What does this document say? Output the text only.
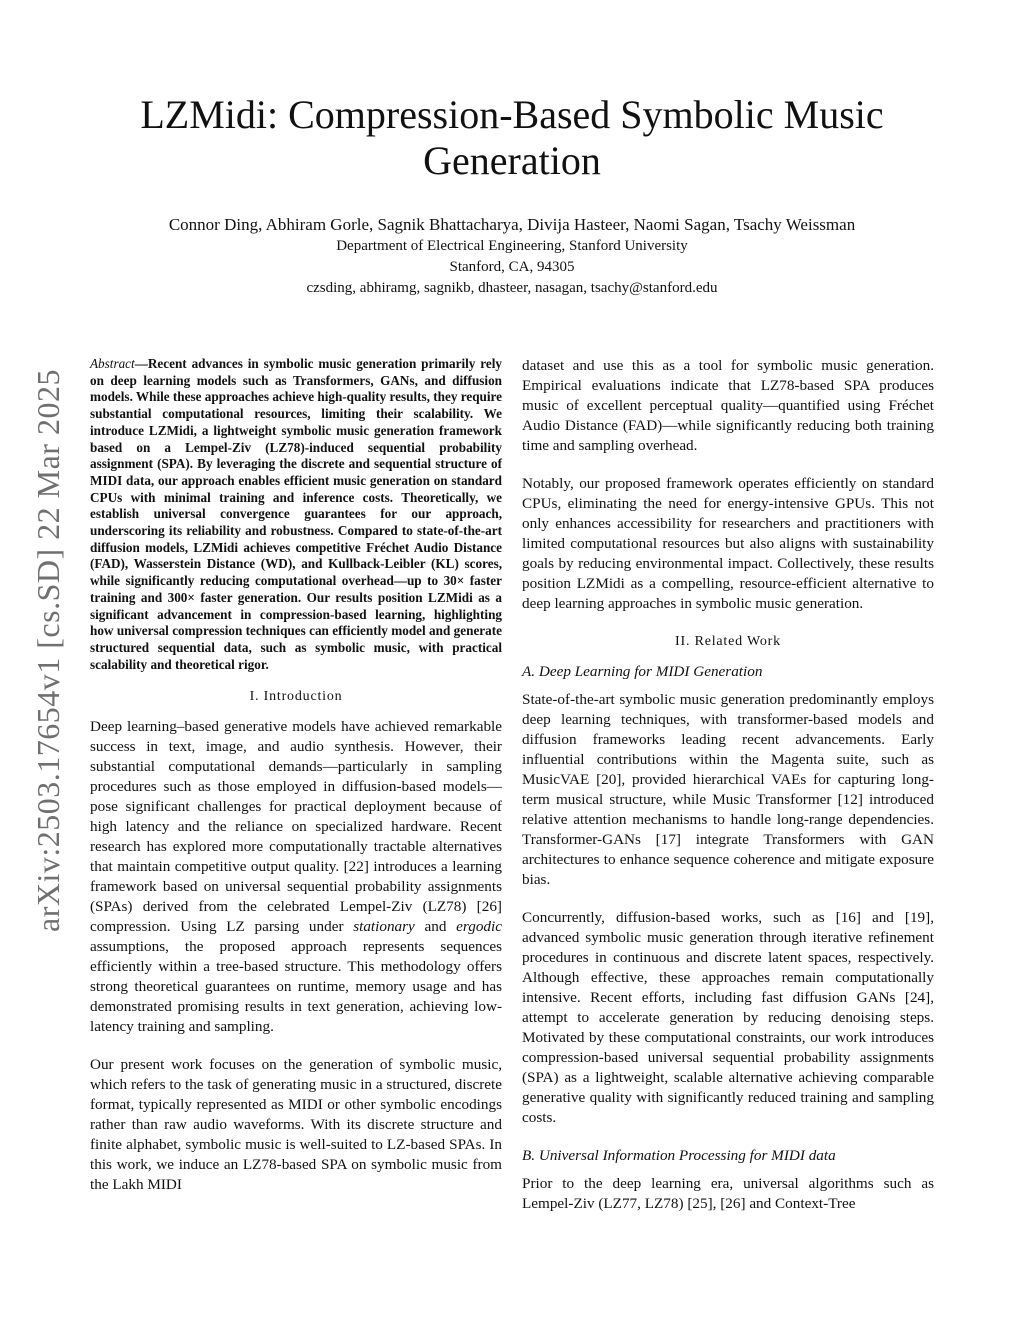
arXiv:2503.17654v1 [cs.SD] 22 Mar 2025
LZMidi: Compression-Based Symbolic Music Generation
Connor Ding, Abhiram Gorle, Sagnik Bhattacharya, Divija Hasteer, Naomi Sagan, Tsachy Weissman
Department of Electrical Engineering, Stanford University
Stanford, CA, 94305
czsding, abhiramg, sagnikb, dhasteer, nasagan, tsachy@stanford.edu

Abstract—Recent advances in symbolic music generation primarily rely on deep learning models such as Transformers, GANs, and diffusion models. While these approaches achieve high-quality results, they require substantial computational resources, limiting their scalability. We introduce LZMidi, a lightweight symbolic music generation framework based on a Lempel-Ziv (LZ78)-induced sequential probability assignment (SPA). By leveraging the discrete and sequential structure of MIDI data, our approach enables efficient music generation on standard CPUs with minimal training and inference costs. Theoretically, we establish universal convergence guarantees for our approach, underscoring its reliability and robustness. Compared to state-of-the-art diffusion models, LZMidi achieves competitive Fréchet Audio Distance (FAD), Wasserstein Distance (WD), and Kullback-Leibler (KL) scores, while significantly reducing computational overhead—up to 30× faster training and 300× faster generation. Our results position LZMidi as a significant advancement in compression-based learning, highlighting how universal compression techniques can efficiently model and generate structured sequential data, such as symbolic music, with practical scalability and theoretical rigor.

I. Introduction

Deep learning–based generative models have achieved remarkable success in text, image, and audio synthesis. However, their substantial computational demands—particularly in sampling procedures such as those employed in diffusion-based models—pose significant challenges for practical deployment because of high latency and the reliance on specialized hardware. Recent research has explored more computationally tractable alternatives that maintain competitive output quality. [22] introduces a learning framework based on universal sequential probability assignments (SPAs) derived from the celebrated Lempel-Ziv (LZ78) [26] compression. Using LZ parsing under stationary and ergodic assumptions, the proposed approach represents sequences efficiently within a tree-based structure. This methodology offers strong theoretical guarantees on runtime, memory usage and has demonstrated promising results in text generation, achieving low-latency training and sampling.

Our present work focuses on the generation of symbolic music, which refers to the task of generating music in a structured, discrete format, typically represented as MIDI or other symbolic encodings rather than raw audio waveforms. With its discrete structure and finite alphabet, symbolic music is well-suited to LZ-based SPAs. In this work, we induce an LZ78-based SPA on symbolic music from the Lakh MIDI

dataset and use this as a tool for symbolic music generation. Empirical evaluations indicate that LZ78-based SPA produces music of excellent perceptual quality—quantified using Fréchet Audio Distance (FAD)—while significantly reducing both training time and sampling overhead.

Notably, our proposed framework operates efficiently on standard CPUs, eliminating the need for energy-intensive GPUs. This not only enhances accessibility for researchers and practitioners with limited computational resources but also aligns with sustainability goals by reducing environmental impact. Collectively, these results position LZMidi as a compelling, resource-efficient alternative to deep learning approaches in symbolic music generation.

II. Related Work
A. Deep Learning for MIDI Generation

State-of-the-art symbolic music generation predominantly employs deep learning techniques, with transformer-based models and diffusion frameworks leading recent advancements. Early influential contributions within the Magenta suite, such as MusicVAE [20], provided hierarchical VAEs for capturing long-term musical structure, while Music Transformer [12] introduced relative attention mechanisms to handle long-range dependencies. Transformer-GANs [17] integrate Transformers with GAN architectures to enhance sequence coherence and mitigate exposure bias.

Concurrently, diffusion-based works, such as [16] and [19], advanced symbolic music generation through iterative refinement procedures in continuous and discrete latent spaces, respectively. Although effective, these approaches remain computationally intensive. Recent efforts, including fast diffusion GANs [24], attempt to accelerate generation by reducing denoising steps. Motivated by these computational constraints, our work introduces compression-based universal sequential probability assignments (SPA) as a lightweight, scalable alternative achieving comparable generative quality with significantly reduced training and sampling costs.

B. Universal Information Processing for MIDI data

Prior to the deep learning era, universal algorithms such as Lempel-Ziv (LZ77, LZ78) [25], [26] and Context-Tree
